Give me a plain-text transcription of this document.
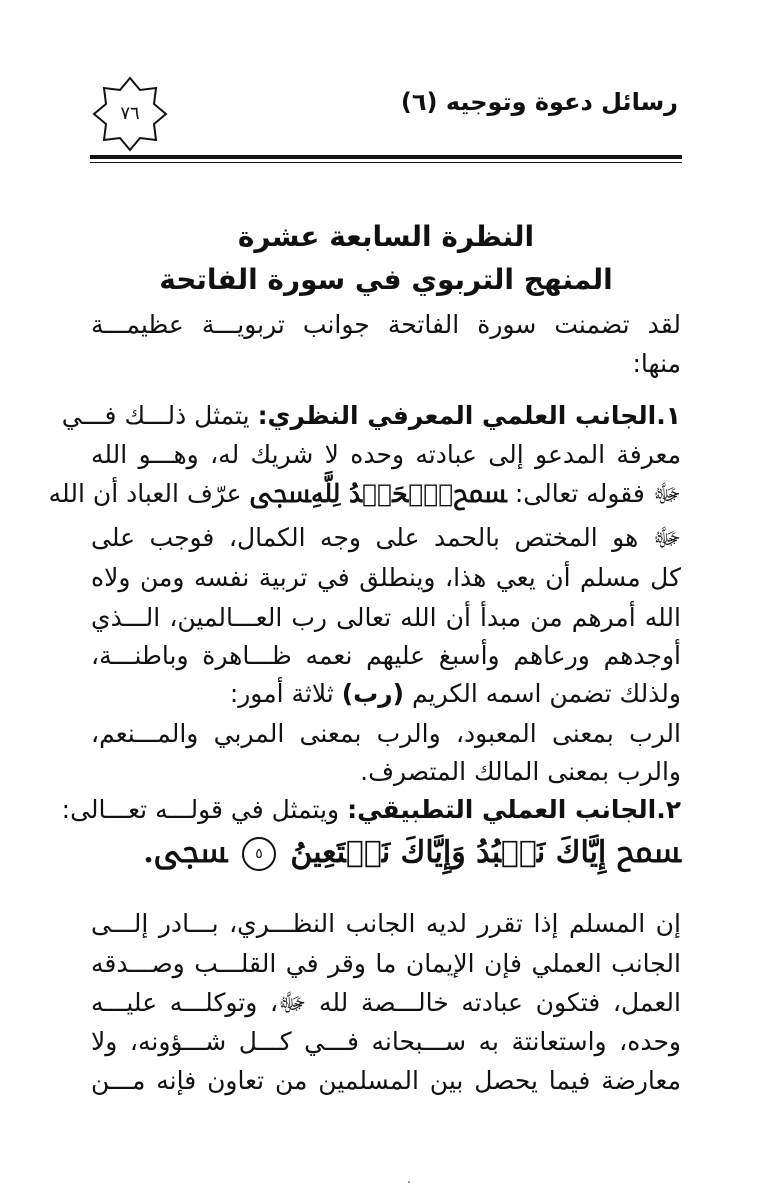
رسائل دعوة وتوجيه (٦)
٧٦
النظرة السابعة عشرة
المنهج التربوي في سورة الفاتحة
لقد تضمنت سورة الفاتحة جوانب تربويـــة عظيمـــة
منها:
١.الجانب العلمي المعرفي النظري: يتمثل ذلـــك فـــي
معرفة المدعو إلى عبادته وحده لا شريك له، وهـــو الله
ﷻ فقوله تعالى: ﵟٱلۡحَمۡدُ لِلَّهِﵞ عرّف العباد أن الله
ﷻ هو المختص بالحمد على وجه الكمال، فوجب على
كل مسلم أن يعي هذا، وينطلق في تربية نفسه ومن ولاه
الله أمرهم من مبدأ أن الله تعالى رب العـــالمين، الـــذي
أوجدهم ورعاهم وأسبغ عليهم نعمه ظـــاهرة وباطنـــة،
ولذلك تضمن اسمه الكريم (رب) ثلاثة أمور:
الرب بمعنى المعبود، والرب بمعنى المربي والمـــنعم،
والرب بمعنى المالك المتصرف.
٢.الجانب العملي التطبيقي: ويتمثل في قولـــه تعـــالى:
ﵟ إِيَّاكَ نَعۡبُدُ وَإِيَّاكَ نَسۡتَعِينُ ٥ ﵞ.
إن المسلم إذا تقرر لديه الجانب النظـــري، بـــادر إلـــى
الجانب العملي فإن الإيمان ما وقر في القلـــب وصـــدقه
العمل، فتكون عبادته خالـــصة لله ﷻ، وتوكلـــه عليـــه
وحده، واستعانتة به ســـبحانه فـــي كـــل شـــؤونه، ولا
معارضة فيما يحصل بين المسلمين من تعاون فإنه مـــن
